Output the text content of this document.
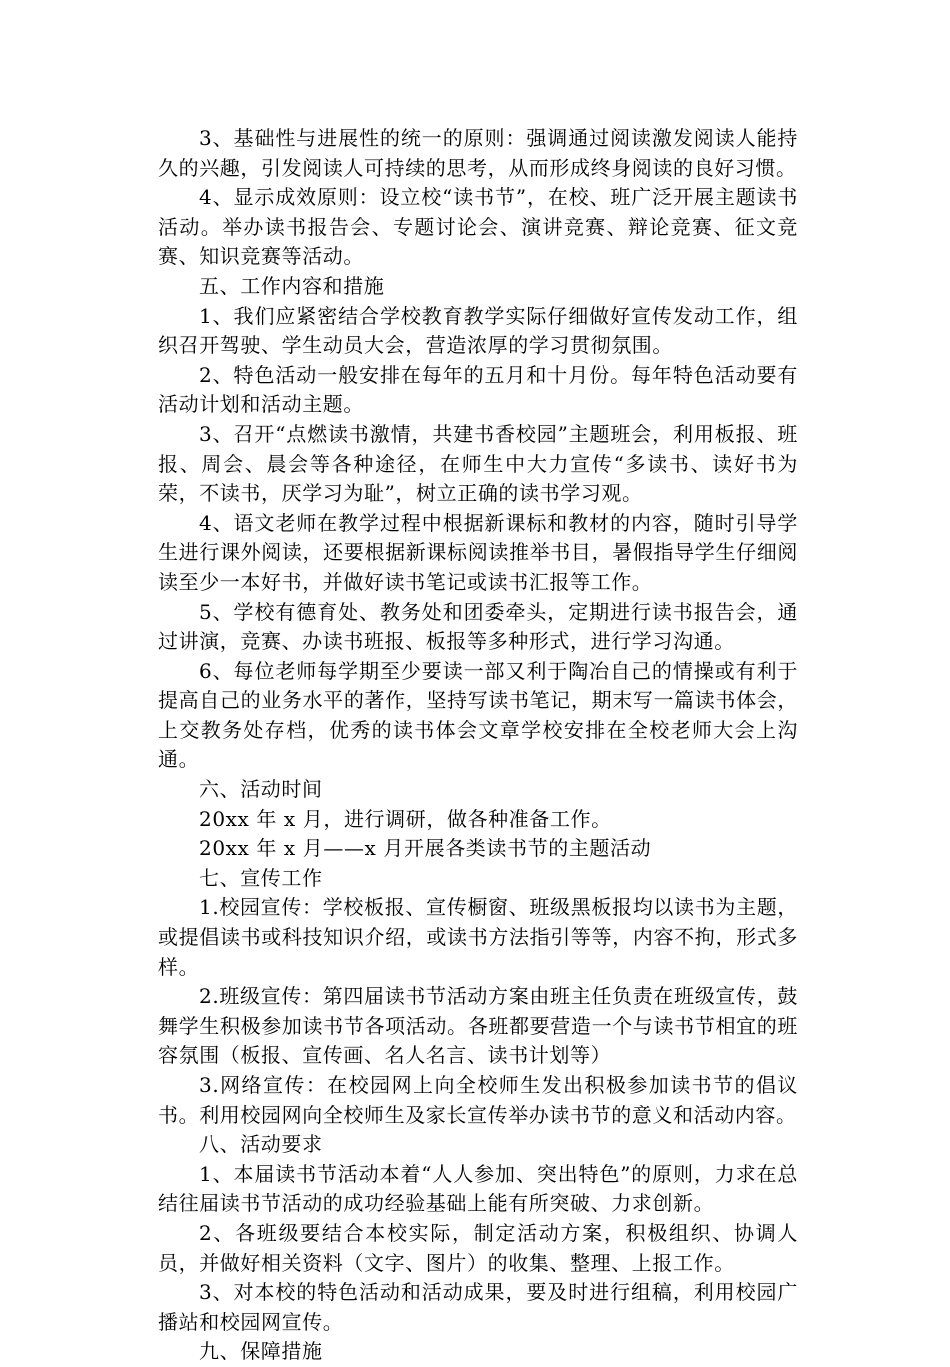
3、基础性与进展性的统一的原则：强调通过阅读激发阅读人能持久的兴趣，引发阅读人可持续的思考，从而形成终身阅读的良好习惯。

4、显示成效原则：设立校“读书节”，在校、班广泛开展主题读书活动。举办读书报告会、专题讨论会、演讲竞赛、辩论竞赛、征文竞赛、知识竞赛等活动。

五、工作内容和措施

1、我们应紧密结合学校教育教学实际仔细做好宣传发动工作，组织召开驾驶、学生动员大会，营造浓厚的学习贯彻氛围。

2、特色活动一般安排在每年的五月和十月份。每年特色活动要有活动计划和活动主题。

3、召开“点燃读书激情，共建书香校园”主题班会，利用板报、班报、周会、晨会等各种途径，在师生中大力宣传“多读书、读好书为荣，不读书，厌学习为耻”，树立正确的读书学习观。

4、语文老师在教学过程中根据新课标和教材的内容，随时引导学生进行课外阅读，还要根据新课标阅读推举书目，暑假指导学生仔细阅读至少一本好书，并做好读书笔记或读书汇报等工作。

5、学校有德育处、教务处和团委牵头，定期进行读书报告会，通过讲演，竞赛、办读书班报、板报等多种形式，进行学习沟通。

6、每位老师每学期至少要读一部又利于陶冶自己的情操或有利于提高自己的业务水平的著作，坚持写读书笔记，期末写一篇读书体会，上交教务处存档，优秀的读书体会文章学校安排在全校老师大会上沟通。

六、活动时间

20xx 年 x 月，进行调研，做各种准备工作。

20xx 年 x 月——x 月开展各类读书节的主题活动

七、宣传工作

1.校园宣传：学校板报、宣传橱窗、班级黑板报均以读书为主题，或提倡读书或科技知识介绍，或读书方法指引等等，内容不拘，形式多样。

2.班级宣传：第四届读书节活动方案由班主任负责在班级宣传，鼓舞学生积极参加读书节各项活动。各班都要营造一个与读书节相宜的班容氛围（板报、宣传画、名人名言、读书计划等）

3.网络宣传：在校园网上向全校师生发出积极参加读书节的倡议书。利用校园网向全校师生及家长宣传举办读书节的意义和活动内容。

八、活动要求

1、本届读书节活动本着“人人参加、突出特色”的原则，力求在总结往届读书节活动的成功经验基础上能有所突破、力求创新。

2、各班级要结合本校实际，制定活动方案，积极组织、协调人员，并做好相关资料（文字、图片）的收集、整理、上报工作。

3、对本校的特色活动和活动成果，要及时进行组稿，利用校园广播站和校园网宣传。

九、保障措施
